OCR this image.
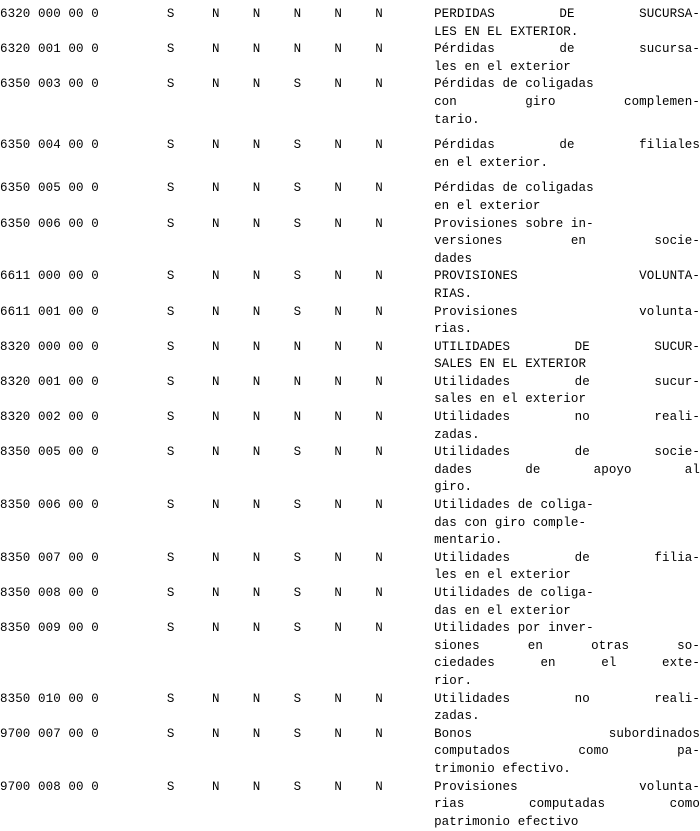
6320 000 00 0	S	N	N	N	N	N		PERDIDAS DE SUCURSA-
LES EN EL EXTERIOR.

6320 001 00 0	S	N	N	N	N	N		Pérdidas de sucursa-
les en el exterior

6350 003 00 0	S	N	N	S	N	N		Pérdidas de coligadas
con giro complemen-
tario.

6350 004 00 0	S	N	N	S	N	N		Pérdidas de filiales
en el exterior.

6350 005 00 0	S	N	N	S	N	N		Pérdidas de coligadas
en el exterior

6350 006 00 0	S	N	N	S	N	N		Provisiones sobre in-
versiones en socie-
dades

6611 000 00 0	S	N	N	S	N	N		PROVISIONES VOLUNTA-
RIAS.

6611 001 00 0	S	N	N	S	N	N		Provisiones volunta-
rias.

8320 000 00 0	S	N	N	N	N	N		UTILIDADES DE SUCUR-
SALES EN EL EXTERIOR

8320 001 00 0	S	N	N	N	N	N		Utilidades de sucur-
sales en el exterior

8320 002 00 0	S	N	N	N	N	N		Utilidades no reali-
zadas.

8350 005 00 0	S	N	N	S	N	N		Utilidades de socie-
dades de apoyo al
giro.

8350 006 00 0	S	N	N	S	N	N		Utilidades de coliga-
das con giro comple-
mentario.

8350 007 00 0	S	N	N	S	N	N		Utilidades de filia-
les en el exterior

8350 008 00 0	S	N	N	S	N	N		Utilidades de coliga-
das en el exterior

8350 009 00 0	S	N	N	S	N	N		Utilidades por inver-
siones en otras so-
ciedades en el exte-
rior.

8350 010 00 0	S	N	N	S	N	N		Utilidades no reali-
zadas.

9700 007 00 0	S	N	N	S	N	N		Bonos subordinados
computados como pa-
trimonio efectivo.

9700 008 00 0	S	N	N	S	N	N		Provisiones volunta-
rias computadas como
patrimonio efectivo
